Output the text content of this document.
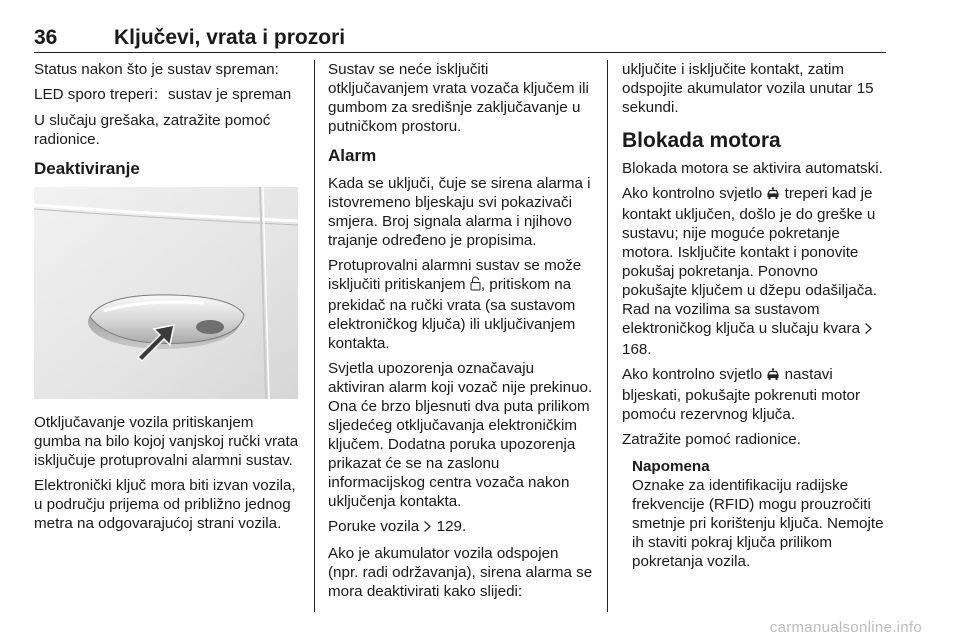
36	Ključevi, vrata i prozori

Status nakon što je sustav spreman:

LED sporo treperi : sustav je spreman

U slučaju grešaka, zatražite pomoć radionice.

Deaktiviranje

Otključavanje vozila pritiskanjem gumba na bilo kojoj vanjskoj ručki vrata isključuje protuprovalni alarmni sustav.

Elektronički ključ mora biti izvan vozila, u području prijema od približno jednog metra na odgovarajućoj strani vozila.

Sustav se neće isključiti otključavanjem vrata vozača ključem ili gumbom za središnje zaključavanje u putničkom prostoru.

Alarm

Kada se uključi, čuje se sirena alarma i istovremeno bljeskaju svi pokazivači smjera. Broj signala alarma i njihovo trajanje određeno je propisima.

Protuprovalni alarmni sustav se može isključiti pritiskanjem , pritiskom na prekidač na ručki vrata (sa sustavom elektroničkog ključa) ili uključivanjem kontakta.

Svjetla upozorenja označavaju aktiviran alarm koji vozač nije prekinuo. Ona će brzo bljesnuti dva puta prilikom sljedećeg otključavanja elektroničkim ključem. Dodatna poruka upozorenja prikazat će se na zaslonu informacijskog centra vozača nakon uključenja kontakta.

Poruke vozila 129.

Ako je akumulator vozila odspojen (npr. radi održavanja), sirena alarma se mora deaktivirati kako slijedi:

uključite i isključite kontakt, zatim odspojite akumulator vozila unutar 15 sekundi.

Blokada motora

Blokada motora se aktivira automatski.

Ako kontrolno svjetlo treperi kad je kontakt uključen, došlo je do greške u sustavu; nije moguće pokretanje motora. Isključite kontakt i ponovite pokušaj pokretanja. Ponovno pokušajte ključem u džepu odašiljača. Rad na vozilima sa sustavom elektroničkog ključa u slučaju kvara  168.

Ako kontrolno svjetlo nastavi bljeskati, pokušajte pokrenuti motor pomoću rezervnog ključa.

Zatražite pomoć radionice.

Napomena
Oznake za identifikaciju radijske frekvencije (RFID) mogu prouzročiti smetnje pri korištenju ključa. Nemojte ih staviti pokraj ključa prilikom pokretanja vozila.
carmanualsonline.info
